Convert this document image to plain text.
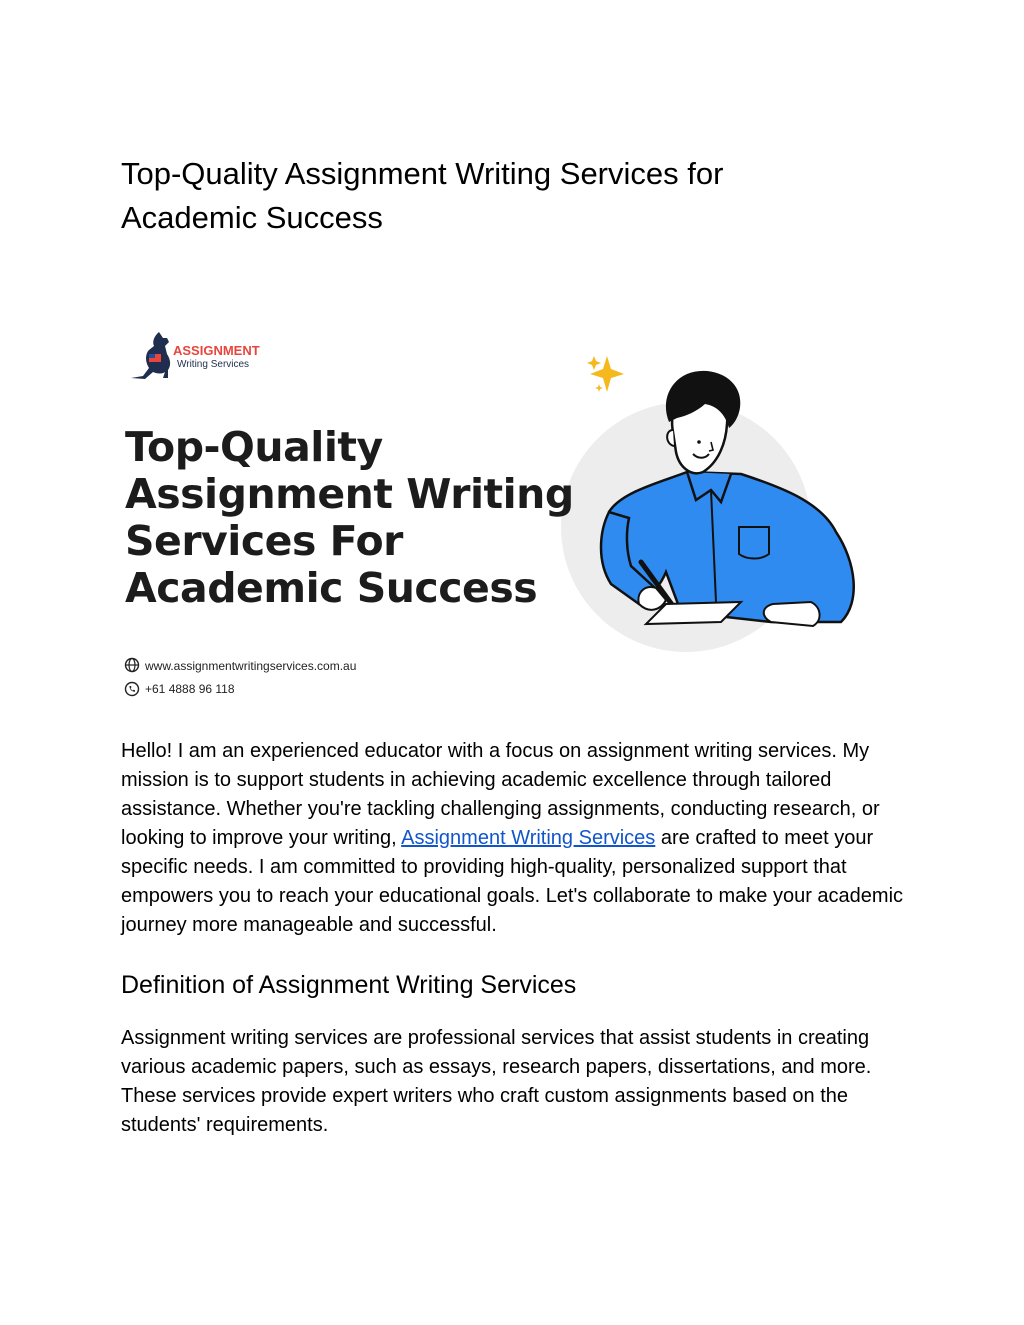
Top-Quality Assignment Writing Services for
Academic Success
ASSIGNMENT
Writing Services
Top-Quality
Assignment Writing
Services For
Academic Success
www.assignmentwritingservices.com.au
+61 4888 96 118

Hello! I am an experienced educator with a focus on assignment writing services. My mission is to support students in achieving academic excellence through tailored assistance. Whether you're tackling challenging assignments, conducting research, or looking to improve your writing, Assignment Writing Services are crafted to meet your specific needs. I am committed to providing high-quality, personalized support that empowers you to reach your educational goals. Let's collaborate to make your academic journey more manageable and successful.

Definition of Assignment Writing Services

Assignment writing services are professional services that assist students in creating various academic papers, such as essays, research papers, dissertations, and more. These services provide expert writers who craft custom assignments based on the students' requirements.
